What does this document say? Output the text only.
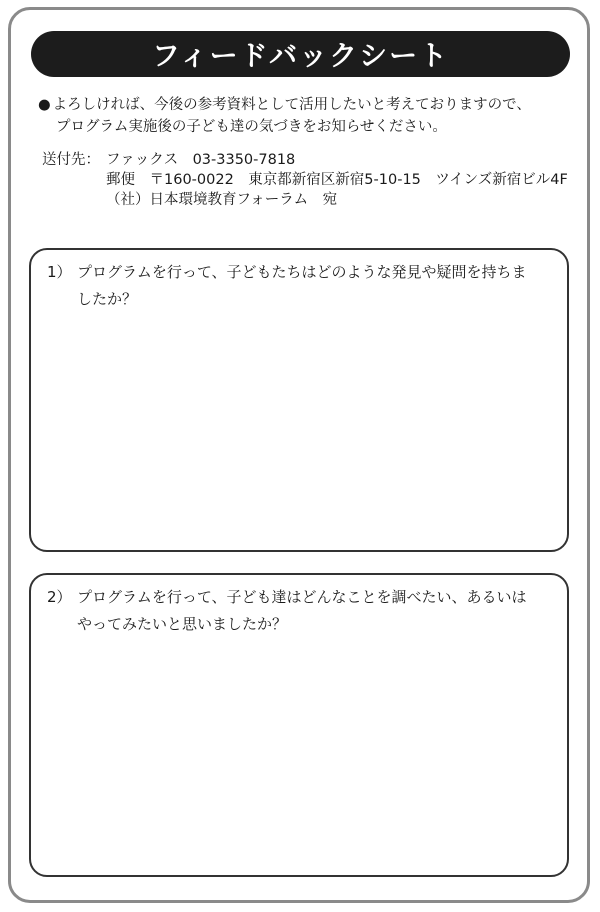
フィードバックシート
● よろしければ、今後の参考資料として活用したいと考えておりますので、
プログラム実施後の子ども達の気づきをお知らせください。
送付先： ファックス　03-3350-7818
郵便　〒160-0022　東京都新宿区新宿5-10-15　ツインズ新宿ビル4F
（社）日本環境教育フォーラム　宛
1） プログラムを行って、子どもたちはどのような発見や疑問を持ちま
したか？
2） プログラムを行って、子ども達はどんなことを調べたい、あるいは
やってみたいと思いましたか？
